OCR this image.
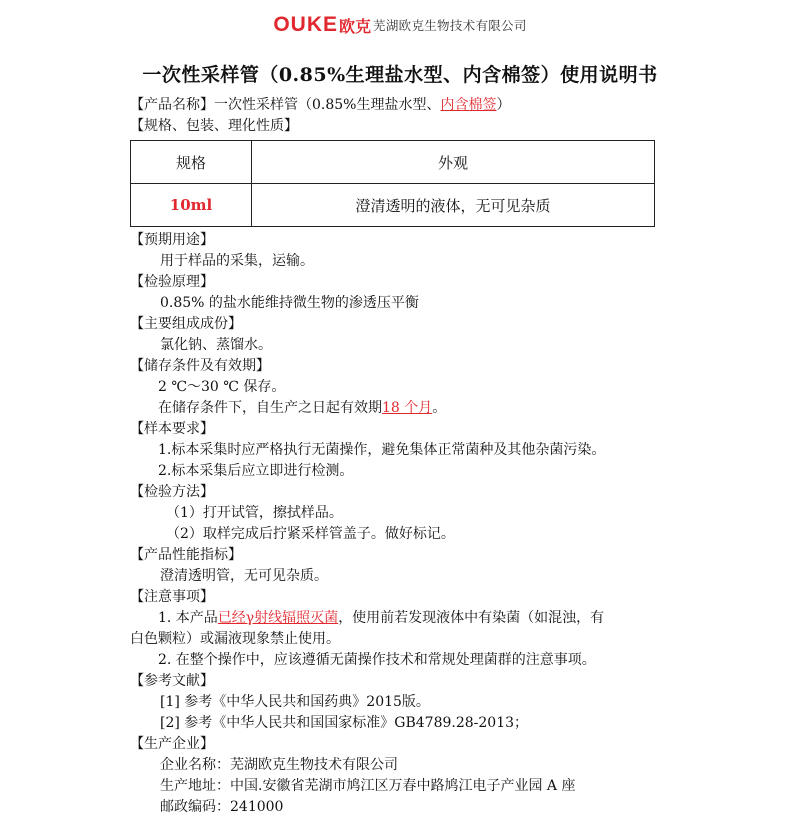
OUKE 欧克 芜湖欧克生物技术有限公司
一次性采样管（0.85%生理盐水型、内含棉签）使用说明书
【产品名称】一次性采样管（0.85%生理盐水型、内含棉签）
【规格、包装、理化性质】
规格	外观
10ml	澄清透明的液体，无可见杂质
【预期用途】
用于样品的采集，运输。
【检验原理】
0.85% 的盐水能维持微生物的渗透压平衡
【主要组成成份】
氯化钠、蒸馏水。
【储存条件及有效期】
2 ℃～30 ℃ 保存。
在储存条件下，自生产之日起有效期18 个月。
【样本要求】
1.标本采集时应严格执行无菌操作，避免集体正常菌种及其他杂菌污染。
2.标本采集后应立即进行检测。
【检验方法】
（1）打开试管，擦拭样品。
（2）取样完成后拧紧采样管盖子。做好标记。
【产品性能指标】
澄清透明管，无可见杂质。
【注意事项】
1. 本产品已经γ射线辐照灭菌，使用前若发现液体中有染菌（如混浊，有
白色颗粒）或漏液现象禁止使用。
2. 在整个操作中，应该遵循无菌操作技术和常规处理菌群的注意事项。
【参考文献】
[1] 参考《中华人民共和国药典》2015版。
[2] 参考《中华人民共和国国家标准》GB4789.28-2013；
【生产企业】
企业名称：芜湖欧克生物技术有限公司
生产地址：中国.安徽省芜湖市鸠江区万春中路鸠江电子产业园 A 座
邮政编码：241000
